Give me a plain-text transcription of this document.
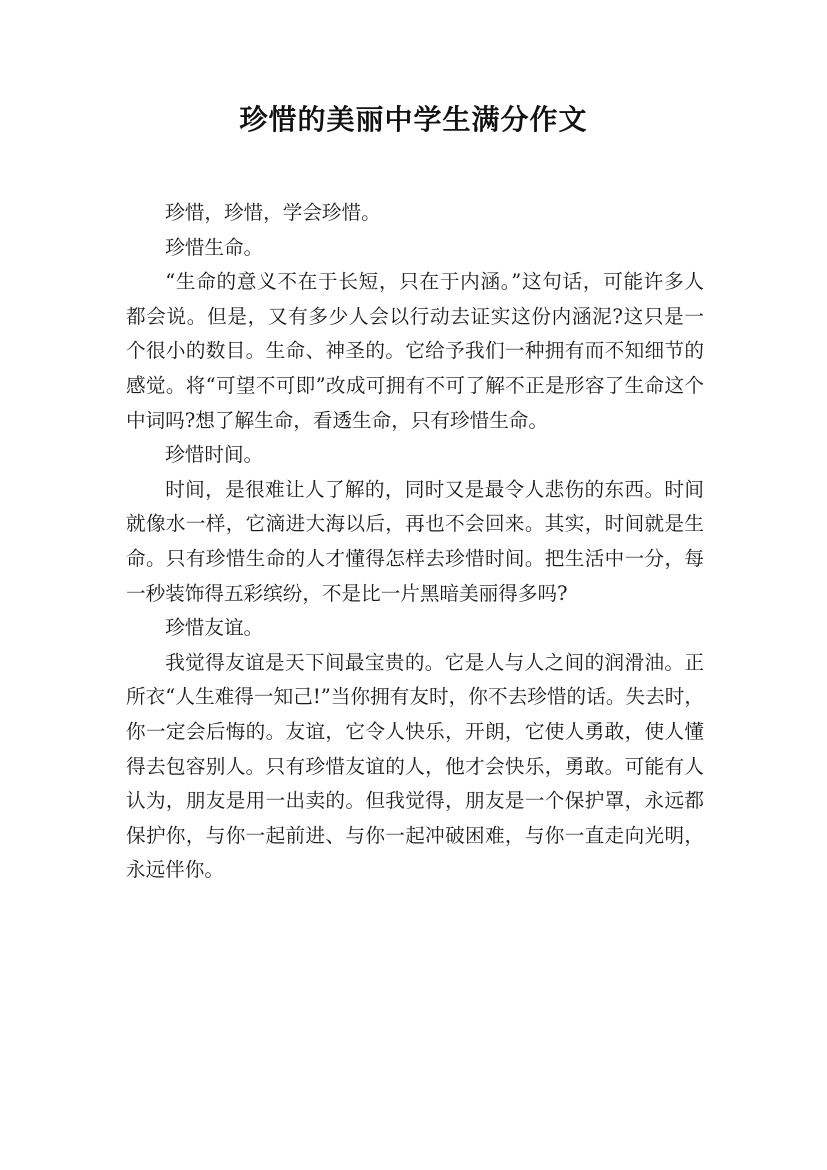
珍惜的美丽中学生满分作文

珍惜，珍惜，学会珍惜。

珍惜生命。

“生命的意义不在于长短，只在于内涵。”这句话，可能许多人都会说。但是，又有多少人会以行动去证实这份内涵泥?这只是一个很小的数目。生命、神圣的。它给予我们一种拥有而不知细节的感觉。将“可望不可即”改成可拥有不可了解不正是形容了生命这个中词吗?想了解生命，看透生命，只有珍惜生命。

珍惜时间。

时间，是很难让人了解的，同时又是最令人悲伤的东西。时间就像水一样，它滴进大海以后，再也不会回来。其实，时间就是生命。只有珍惜生命的人才懂得怎样去珍惜时间。把生活中一分，每一秒装饰得五彩缤纷，不是比一片黑暗美丽得多吗?

珍惜友谊。

我觉得友谊是天下间最宝贵的。它是人与人之间的润滑油。正所衣“人生难得一知己!”当你拥有友时，你不去珍惜的话。失去时，你一定会后悔的。友谊，它令人快乐，开朗，它使人勇敢，使人懂得去包容别人。只有珍惜友谊的人，他才会快乐，勇敢。可能有人认为，朋友是用一出卖的。但我觉得，朋友是一个保护罩，永远都保护你，与你一起前进、与你一起冲破困难，与你一直走向光明，永远伴你。
